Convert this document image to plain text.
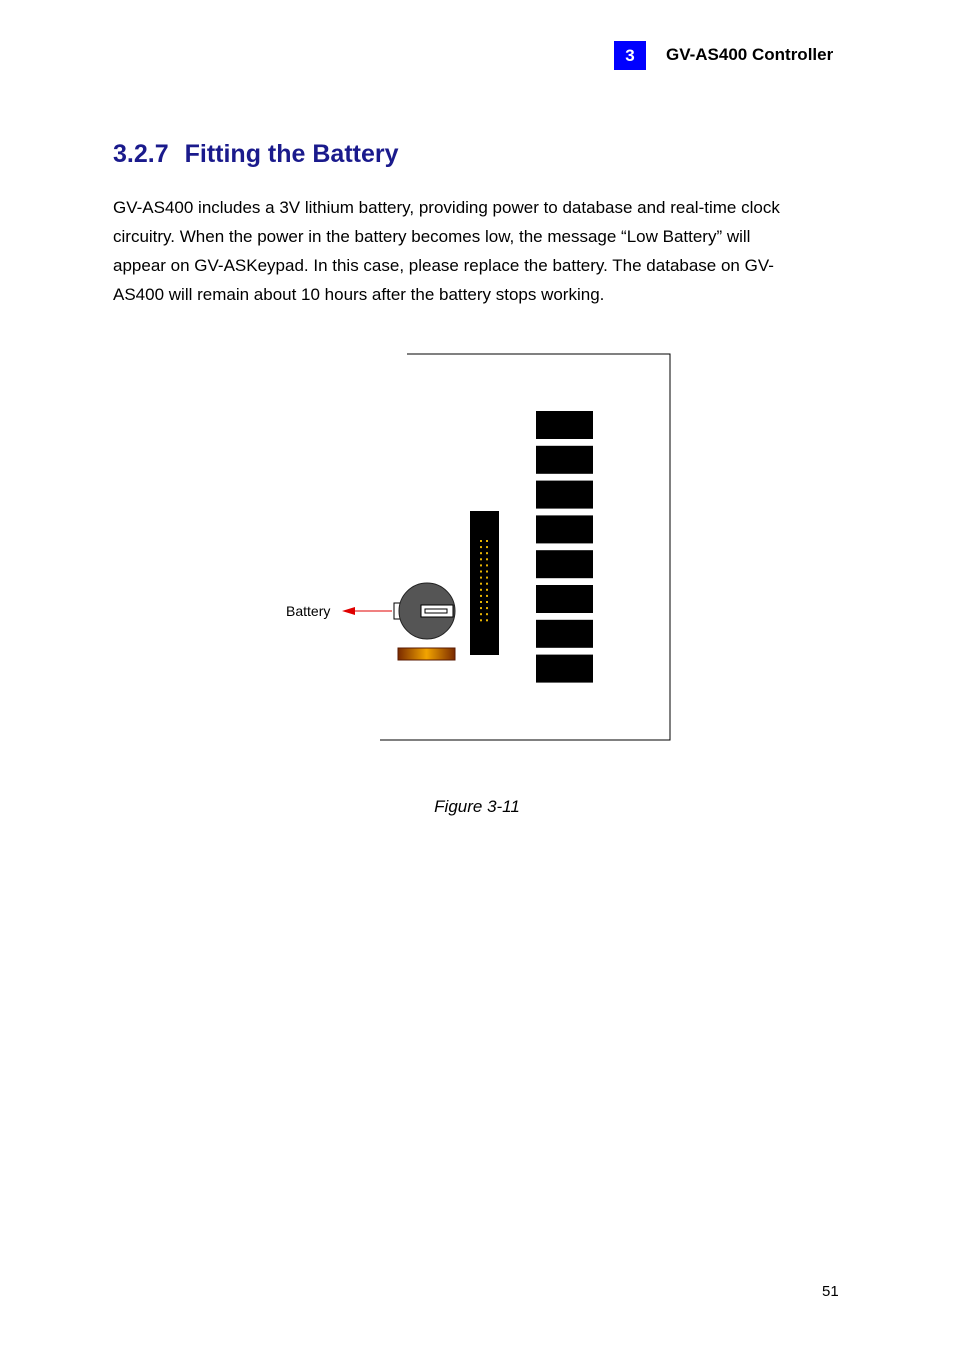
3	GV-AS400 Controller
3.2.7 Fitting the Battery

GV-AS400 includes a 3V lithium battery, providing power to database and real-time clock
circuitry. When the power in the battery becomes low, the message “Low Battery” will
appear on GV-ASKeypad. In this case, please replace the battery. The database on GV-
AS400 will remain about 10 hours after the battery stops working.

Battery
Figure 3-11
51
